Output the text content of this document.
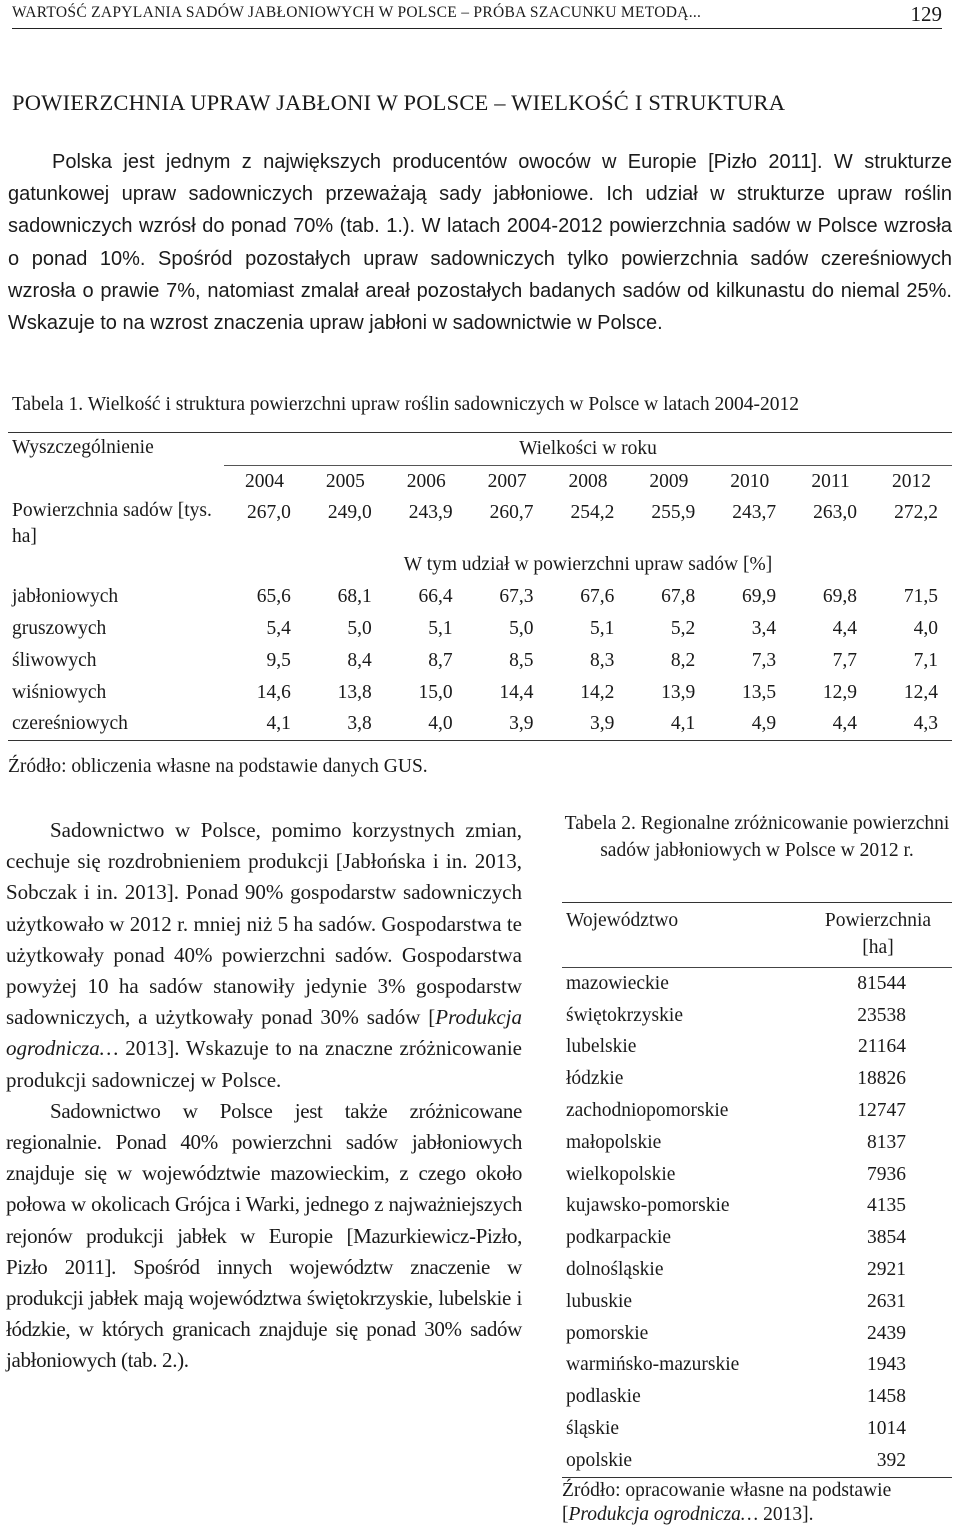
WARTOŚĆ ZAPYLANIA SADÓW JABŁONIOWYCH W POLSCE – PRÓBA SZACUNKU METODĄ...	129
POWIERZCHNIA UPRAW JABŁONI W POLSCE – WIELKOŚĆ I STRUKTURA

Polska jest jednym z największych producentów owoców w Europie [Pizło 2011]. W strukturze gatunkowej upraw sadowniczych przeważają sady jabłoniowe. Ich udział w strukturze upraw roślin sadowniczych wzrósł do ponad 70% (tab. 1.). W latach 2004-2012 powierzchnia sadów w Polsce wzrosła o ponad 10%. Spośród pozostałych upraw sadowniczych tylko powierzchnia sadów czereśniowych wzrosła o prawie 7%, natomiast zmalał areał pozostałych badanych sadów od kilkunastu do niemal 25%. Wskazuje to na wzrost znaczenia upraw jabłoni w sadownictwie w Polsce.

Tabela 1. Wielkość i struktura powierzchni upraw roślin sadowniczych w Polsce w latach 2004-2012
Wyszczególnienie	Wielkości w roku								
	2004	2005	2006	2007	2008	2009	2010	2011	2012
Powierzchnia sadów [tys. ha]	267,0	249,0	243,9	260,7	254,2	255,9	243,7	263,0	272,2
	W tym udział w powierzchni upraw sadów [%]								
jabłoniowych	65,6	68,1	66,4	67,3	67,6	67,8	69,9	69,8	71,5
gruszowych	5,4	5,0	5,1	5,0	5,1	5,2	3,4	4,4	4,0
śliwowych	9,5	8,4	8,7	8,5	8,3	8,2	7,3	7,7	7,1
wiśniowych	14,6	13,8	15,0	14,4	14,2	13,9	13,5	12,9	12,4
czereśniowych	4,1	3,8	4,0	3,9	3,9	4,1	4,9	4,4	4,3
Źródło: obliczenia własne na podstawie danych GUS.

Sadownictwo w Polsce, pomimo korzystnych zmian, cechuje się rozdrobnieniem produkcji [Jabłońska i in. 2013, Sobczak i in. 2013]. Ponad 90% gospodarstw sadowniczych użytkowało w 2012 r. mniej niż 5 ha sadów. Gospodarstwa te użytkowały ponad 40% powierzchni sadów. Gospodarstwa powyżej 10 ha sadów stanowiły jedynie 3% gospodarstw sadowniczych, a użytkowały ponad 30% sadów [Produkcja ogrodnicza… 2013]. Wskazuje to na znaczne zróżnicowanie produkcji sadowniczej w Polsce.

Sadownictwo w Polsce jest także zróżnicowane regionalnie. Ponad 40% powierzchni sadów jabłoniowych znajduje się w województwie mazowieckim, z czego około połowa w okolicach Grójca i Warki, jednego z najważniejszych rejonów produkcji jabłek w Europie [Mazurkiewicz-Pizło, Pizło 2011]. Spośród innych województw znaczenie w produkcji jabłek mają województwa świętokrzyskie, lubelskie i łódzkie, w których granicach znajduje się ponad 30% sadów jabłoniowych (tab. 2.).

Tabela 2. Regionalne zróżnicowanie powierzchni sadów jabłoniowych w Polsce w 2012 r.
Województwo	Powierzchnia
[ha]
mazowieckie	81544
świętokrzyskie	23538
lubelskie	21164
łódzkie	18826
zachodniopomorskie	12747
małopolskie	8137
wielkopolskie	7936
kujawsko-pomorskie	4135
podkarpackie	3854
dolnośląskie	2921
lubuskie	2631
pomorskie	2439
warmińsko-mazurskie	1943
podlaskie	1458
śląskie	1014
opolskie	392
Źródło: opracowanie własne na podstawie [Produkcja ogrodnicza… 2013].
